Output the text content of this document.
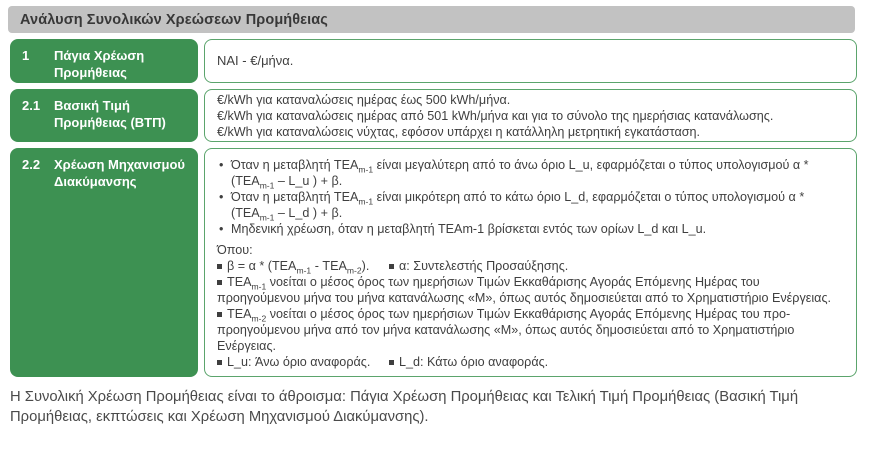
Ανάλυση Συνολικών Χρεώσεων Προμήθειας
1	Πάγια Χρέωση Προμήθειας
ΝΑΙ - €/μήνα.
2.1	Βασική Τιμή Προμήθειας (ΒΤΠ)
€/kWh για καταναλώσεις ημέρας έως 500 kWh/μήνα.
€/kWh για καταναλώσεις ημέρας από 501 kWh/μήνα και για το σύνολο της ημερήσιας κατανάλωσης.
€/kWh για καταναλώσεις νύχτας, εφόσον υπάρχει η κατάλληλη μετρητική εγκατάσταση.
2.2	Χρέωση Μηχανισμού Διακύμανσης
• Όταν η μεταβλητή $TEA_{m-1}$ είναι μεγαλύτερη από το άνω όριο L_u, εφαρμόζεται ο τύπος υπολογισμού α * ($TEA_{m-1}$ – L_u ) + β.
• Όταν η μεταβλητή $TEA_{m-1}$ είναι μικρότερη από το κάτω όριο L_d, εφαρμόζεται ο τύπος υπολογισμού α * ($TEA_{m-1}$ – L_d ) + β.
• Μηδενική χρέωση, όταν η μεταβλητή ΤΕΑm-1 βρίσκεται εντός των ορίων L_d και L_u.
Όπου:
$\beta = \alpha * (TEA_{m-1} - TEA_{m-2})$.	α: Συντελεστής Προσαύξησης.
$TEA_{m-1}$ νοείται ο μέσος όρος των ημερήσιων Τιμών Εκκαθάρισης Αγοράς Επόμενης Ημέρας του προηγούμενου μήνα του μήνα κατανάλωσης «Μ», όπως αυτός δημοσιεύεται από το Χρηματιστήριο Ενέργειας.
$TEA_{m-2}$ νοείται ο μέσος όρος των ημερήσιων Τιμών Εκκαθάρισης Αγοράς Επόμενης Ημέρας του προ-προηγούμενου μήνα από τον μήνα κατανάλωσης «Μ», όπως αυτός δημοσιεύεται από το Χρηματιστήριο Ενέργειας.
L_u: Άνω όριο αναφοράς.	L_d: Κάτω όριο αναφοράς.

Η Συνολική Χρέωση Προμήθειας είναι το άθροισμα: Πάγια Χρέωση Προμήθειας και Τελική Τιμή Προμήθειας (Βασική Τιμή Προμήθειας, εκπτώσεις και Χρέωση Μηχανισμού Διακύμανσης).
